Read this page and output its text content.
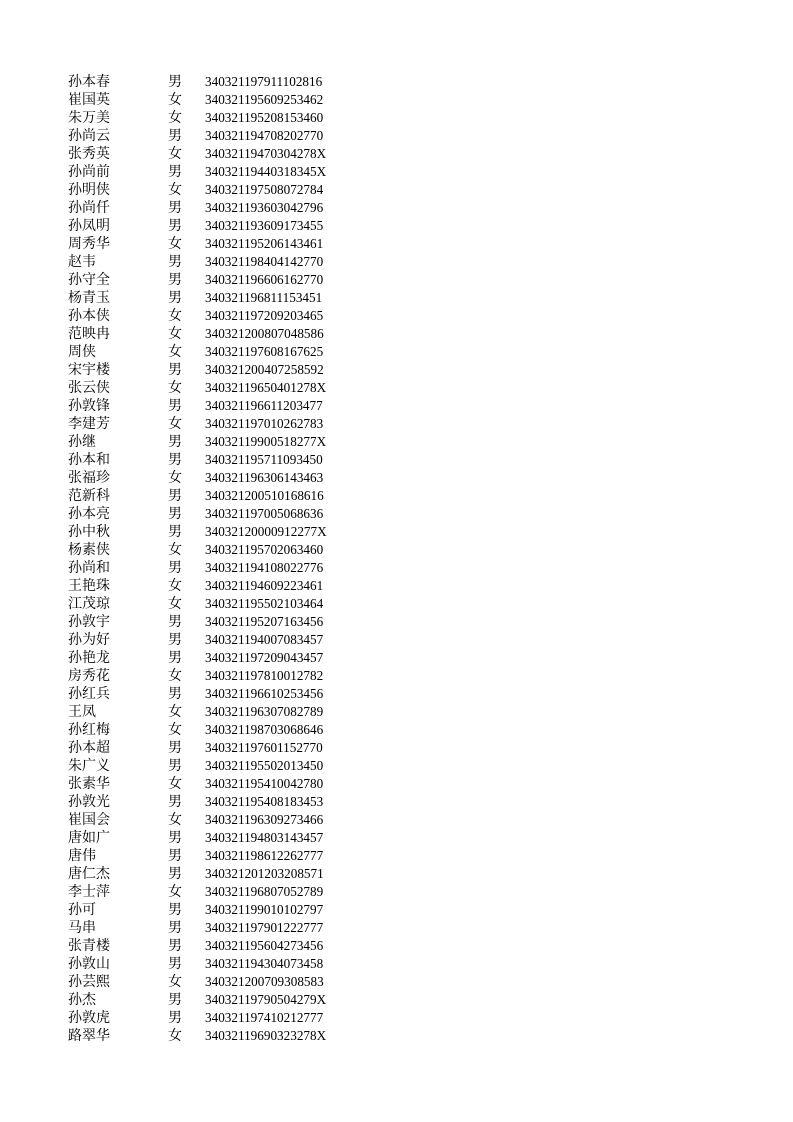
孙本春	男 340321197911102816
崔国英	女 340321195609253462
朱万美	女 340321195208153460
孙尚云	男 340321194708202770
张秀英	女 34032119470304278X
孙尚前	男 34032119440318345X
孙明侠	女 340321197508072784
孙尚仟	男 340321193603042796
孙凤明	男 340321193609173455
周秀华	女 340321195206143461
赵韦	男 340321198404142770
孙守全	男 340321196606162770
杨青玉	男 340321196811153451
孙本侠	女 340321197209203465
范映冉	女 340321200807048586
周侠	女 340321197608167625
宋宇楼	男 340321200407258592
张云侠	女 34032119650401278X
孙敦锋	男 340321196611203477
李建芳	女 340321197010262783
孙继	男 34032119900518277X
孙本和	男 340321195711093450
张福珍	女 340321196306143463
范新科	男 340321200510168616
孙本亮	男 340321197005068636
孙中秋	男 34032120000912277X
杨素侠	女 340321195702063460
孙尚和	男 340321194108022776
王艳珠	女 340321194609223461
江茂琼	女 340321195502103464
孙敦宇	男 340321195207163456
孙为好	男 340321194007083457
孙艳龙	男 340321197209043457
房秀花	女 340321197810012782
孙红兵	男 340321196610253456
王凤	女 340321196307082789
孙红梅	女 340321198703068646
孙本超	男 340321197601152770
朱广义	男 340321195502013450
张素华	女 340321195410042780
孙敦光	男 340321195408183453
崔国会	女 340321196309273466
唐如广	男 340321194803143457
唐伟	男 340321198612262777
唐仁杰	男 340321201203208571
李士萍	女 340321196807052789
孙可	男 340321199010102797
马串	男 340321197901222777
张青楼	男 340321195604273456
孙敦山	男 340321194304073458
孙芸熙	女 340321200709308583
孙杰	男 34032119790504279X
孙敦虎	男 340321197410212777
路翠华	女 34032119690323278X
